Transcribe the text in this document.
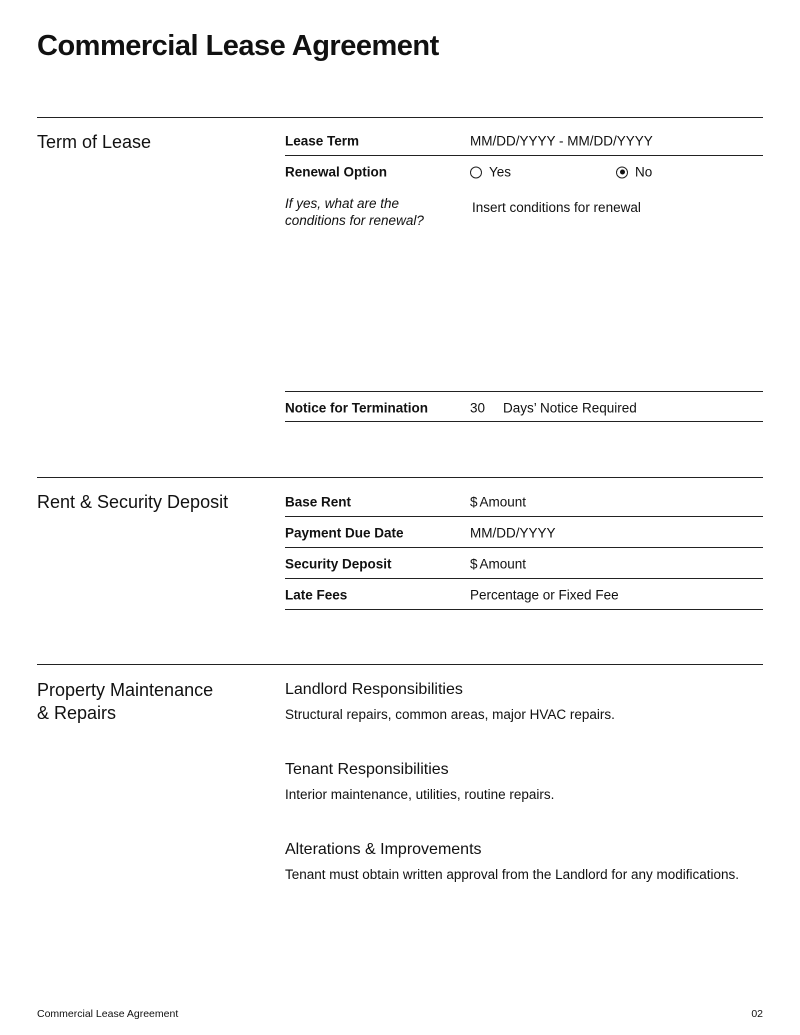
Commercial Lease Agreement
Term of Lease	Lease Term	MM/DD/YYYY - MM/DD/YYYY
Renewal Option	Yes	No
If yes, what are the conditions for renewal?
Insert conditions for renewal
Notice for Termination	30 Days’ Notice Required
Rent & Security Deposit	Base Rent	$ Amount
Payment Due Date	MM/DD/YYYY
Security Deposit	$ Amount
Late Fees	Percentage or Fixed Fee
Property Maintenance
& Repairs
Landlord Responsibilities
Structural repairs, common areas, major HVAC repairs.
Tenant Responsibilities
Interior maintenance, utilities, routine repairs.
Alterations & Improvements
Tenant must obtain written approval from the Landlord for any modifications.
Commercial Lease Agreement	02
